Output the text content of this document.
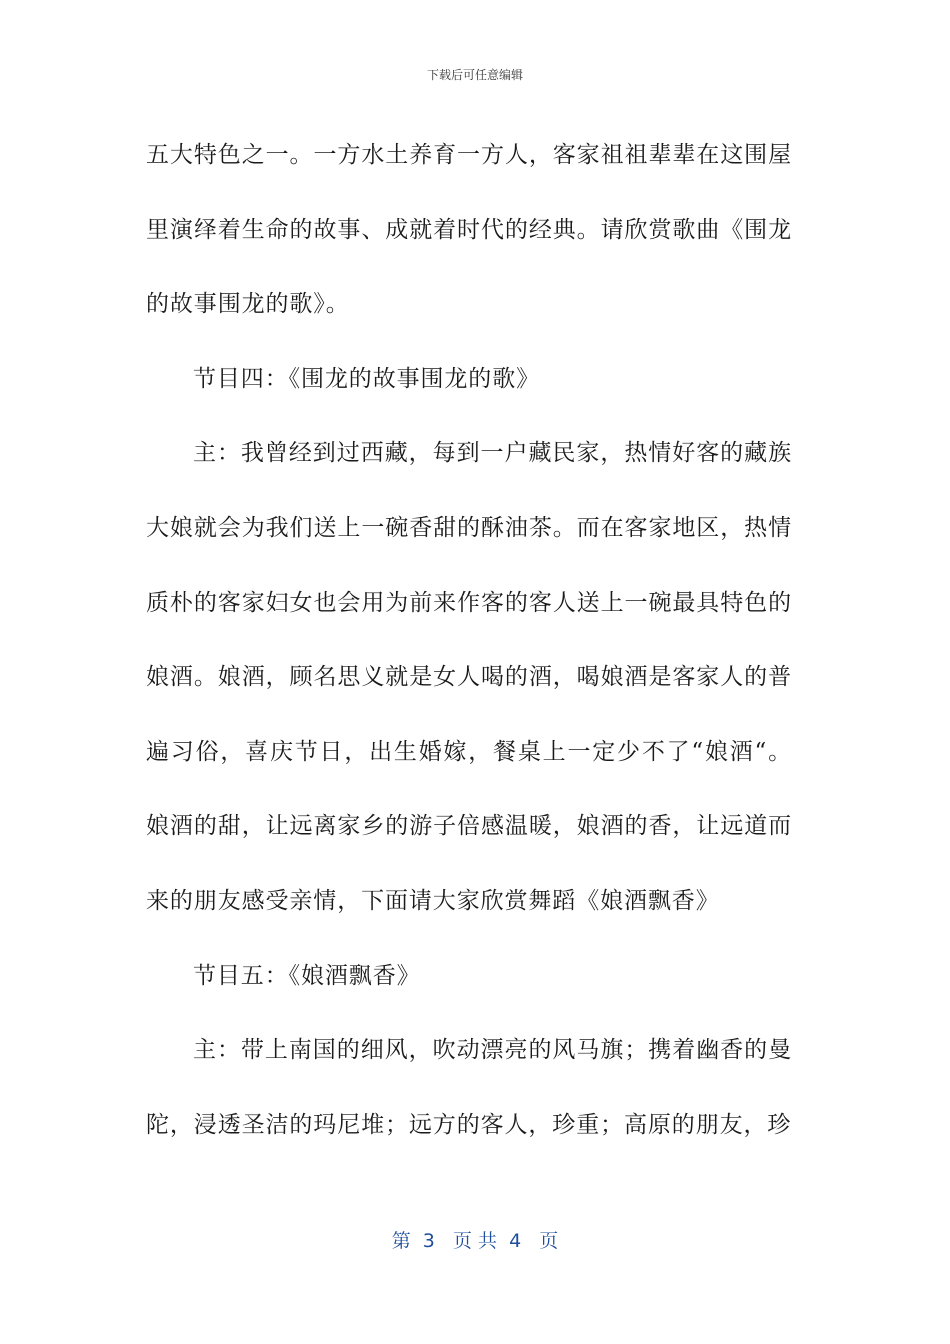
下载后可任意编辑

五大特色之一。一方水土养育一方人，客家祖祖辈辈在这围屋里演绎着生命的故事、成就着时代的经典。请欣赏歌曲《围龙的故事围龙的歌》。

节目四：《围龙的故事围龙的歌》

主：我曾经到过西藏，每到一户藏民家，热情好客的藏族大娘就会为我们送上一碗香甜的酥油茶。而在客家地区，热情质朴的客家妇女也会用为前来作客的客人送上一碗最具特色的娘酒。娘酒，顾名思义就是女人喝的酒，喝娘酒是客家人的普遍习俗，喜庆节日，出生婚嫁，餐桌上一定少不了“娘酒“。娘酒的甜，让远离家乡的游子倍感温暖，娘酒的香，让远道而来的朋友感受亲情，下面请大家欣赏舞蹈《娘酒飘香》

节目五：《娘酒飘香》

主：带上南国的细风，吹动漂亮的风马旗；携着幽香的曼陀，浸透圣洁的玛尼堆；远方的客人，珍重；高原的朋友，珍

第  3   页 共  4   页
